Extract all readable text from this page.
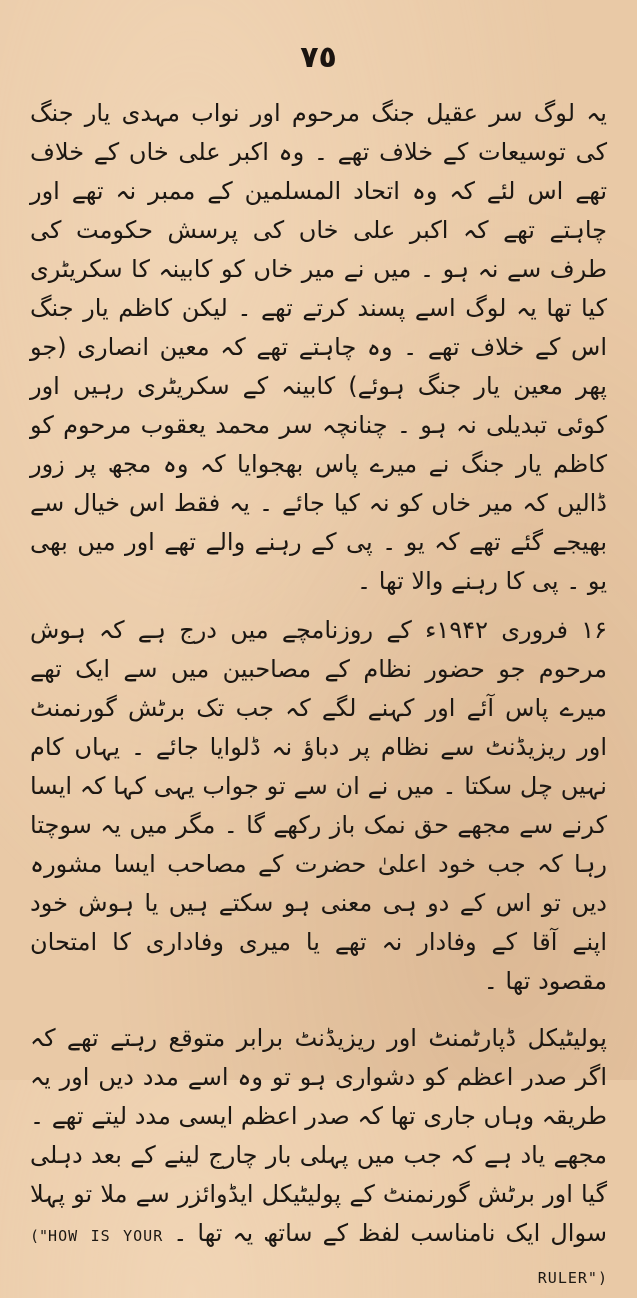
٧٥

یہ لوگ سر عقیل جنگ مرحوم اور نواب مہدی یار جنگ کی توسیعات کے خلاف تھے ۔ وہ اکبر علی خاں کے خلاف تھے اس لئے کہ وہ اتحاد المسلمین کے ممبر نہ تھے اور چاہتے تھے کہ اکبر علی خاں کی پرسش حکومت کی طرف سے نہ ہو ۔ میں نے میر خاں کو کابینہ کا سکریٹری کیا تھا یہ لوگ اسے پسند کرتے تھے ۔ لیکن کاظم یار جنگ اس کے خلاف تھے ۔ وہ چاہتے تھے کہ معین انصاری (جو پھر معین یار جنگ ہوئے) کابینہ کے سکریٹری رہیں اور کوئی تبدیلی نہ ہو ۔ چنانچہ سر محمد یعقوب مرحوم کو کاظم یار جنگ نے میرے پاس بھجوایا کہ وہ مجھ پر زور ڈالیں کہ میر خاں کو نہ کیا جائے ۔ یہ فقط اس خیال سے بھیجے گئے تھے کہ یو ۔ پی کے رہنے والے تھے اور میں بھی یو ۔ پی کا رہنے والا تھا ۔

۱۶ فروری ۱۹۴۲ء کے روزنامچے میں درج ہے کہ ہوش مرحوم جو حضور نظام کے مصاحبین میں سے ایک تھے میرے پاس آئے اور کہنے لگے کہ جب تک برٹش گورنمنٹ اور ریزیڈنٹ سے نظام پر دباؤ نہ ڈلوایا جائے ۔ یہاں کام نہیں چل سکتا ۔ میں نے ان سے تو جواب یہی کہا کہ ایسا کرنے سے مجھے حق نمک باز رکھے گا ۔ مگر میں یہ سوچتا رہا کہ جب خود اعلیٰ حضرت کے مصاحب ایسا مشورہ دیں تو اس کے دو ہی معنی ہو سکتے ہیں یا ہوش خود اپنے آقا کے وفادار نہ تھے یا میری وفاداری کا امتحان مقصود تھا ۔

پولیٹیکل ڈپارٹمنٹ اور ریزیڈنٹ برابر متوقع رہتے تھے کہ اگر صدر اعظم کو دشواری ہو تو وہ اسے مدد دیں اور یہ طریقہ وہاں جاری تھا کہ صدر اعظم ایسی مدد لیتے تھے ۔ مجھے یاد ہے کہ جب میں پہلی بار چارج لینے کے بعد دہلی گیا اور برٹش گورنمنٹ کے پولیٹیکل ایڈوائزر سے ملا تو پہلا سوال ایک نامناسب لفظ کے ساتھ یہ تھا ۔ ("HOW IS YOUR RULER")
